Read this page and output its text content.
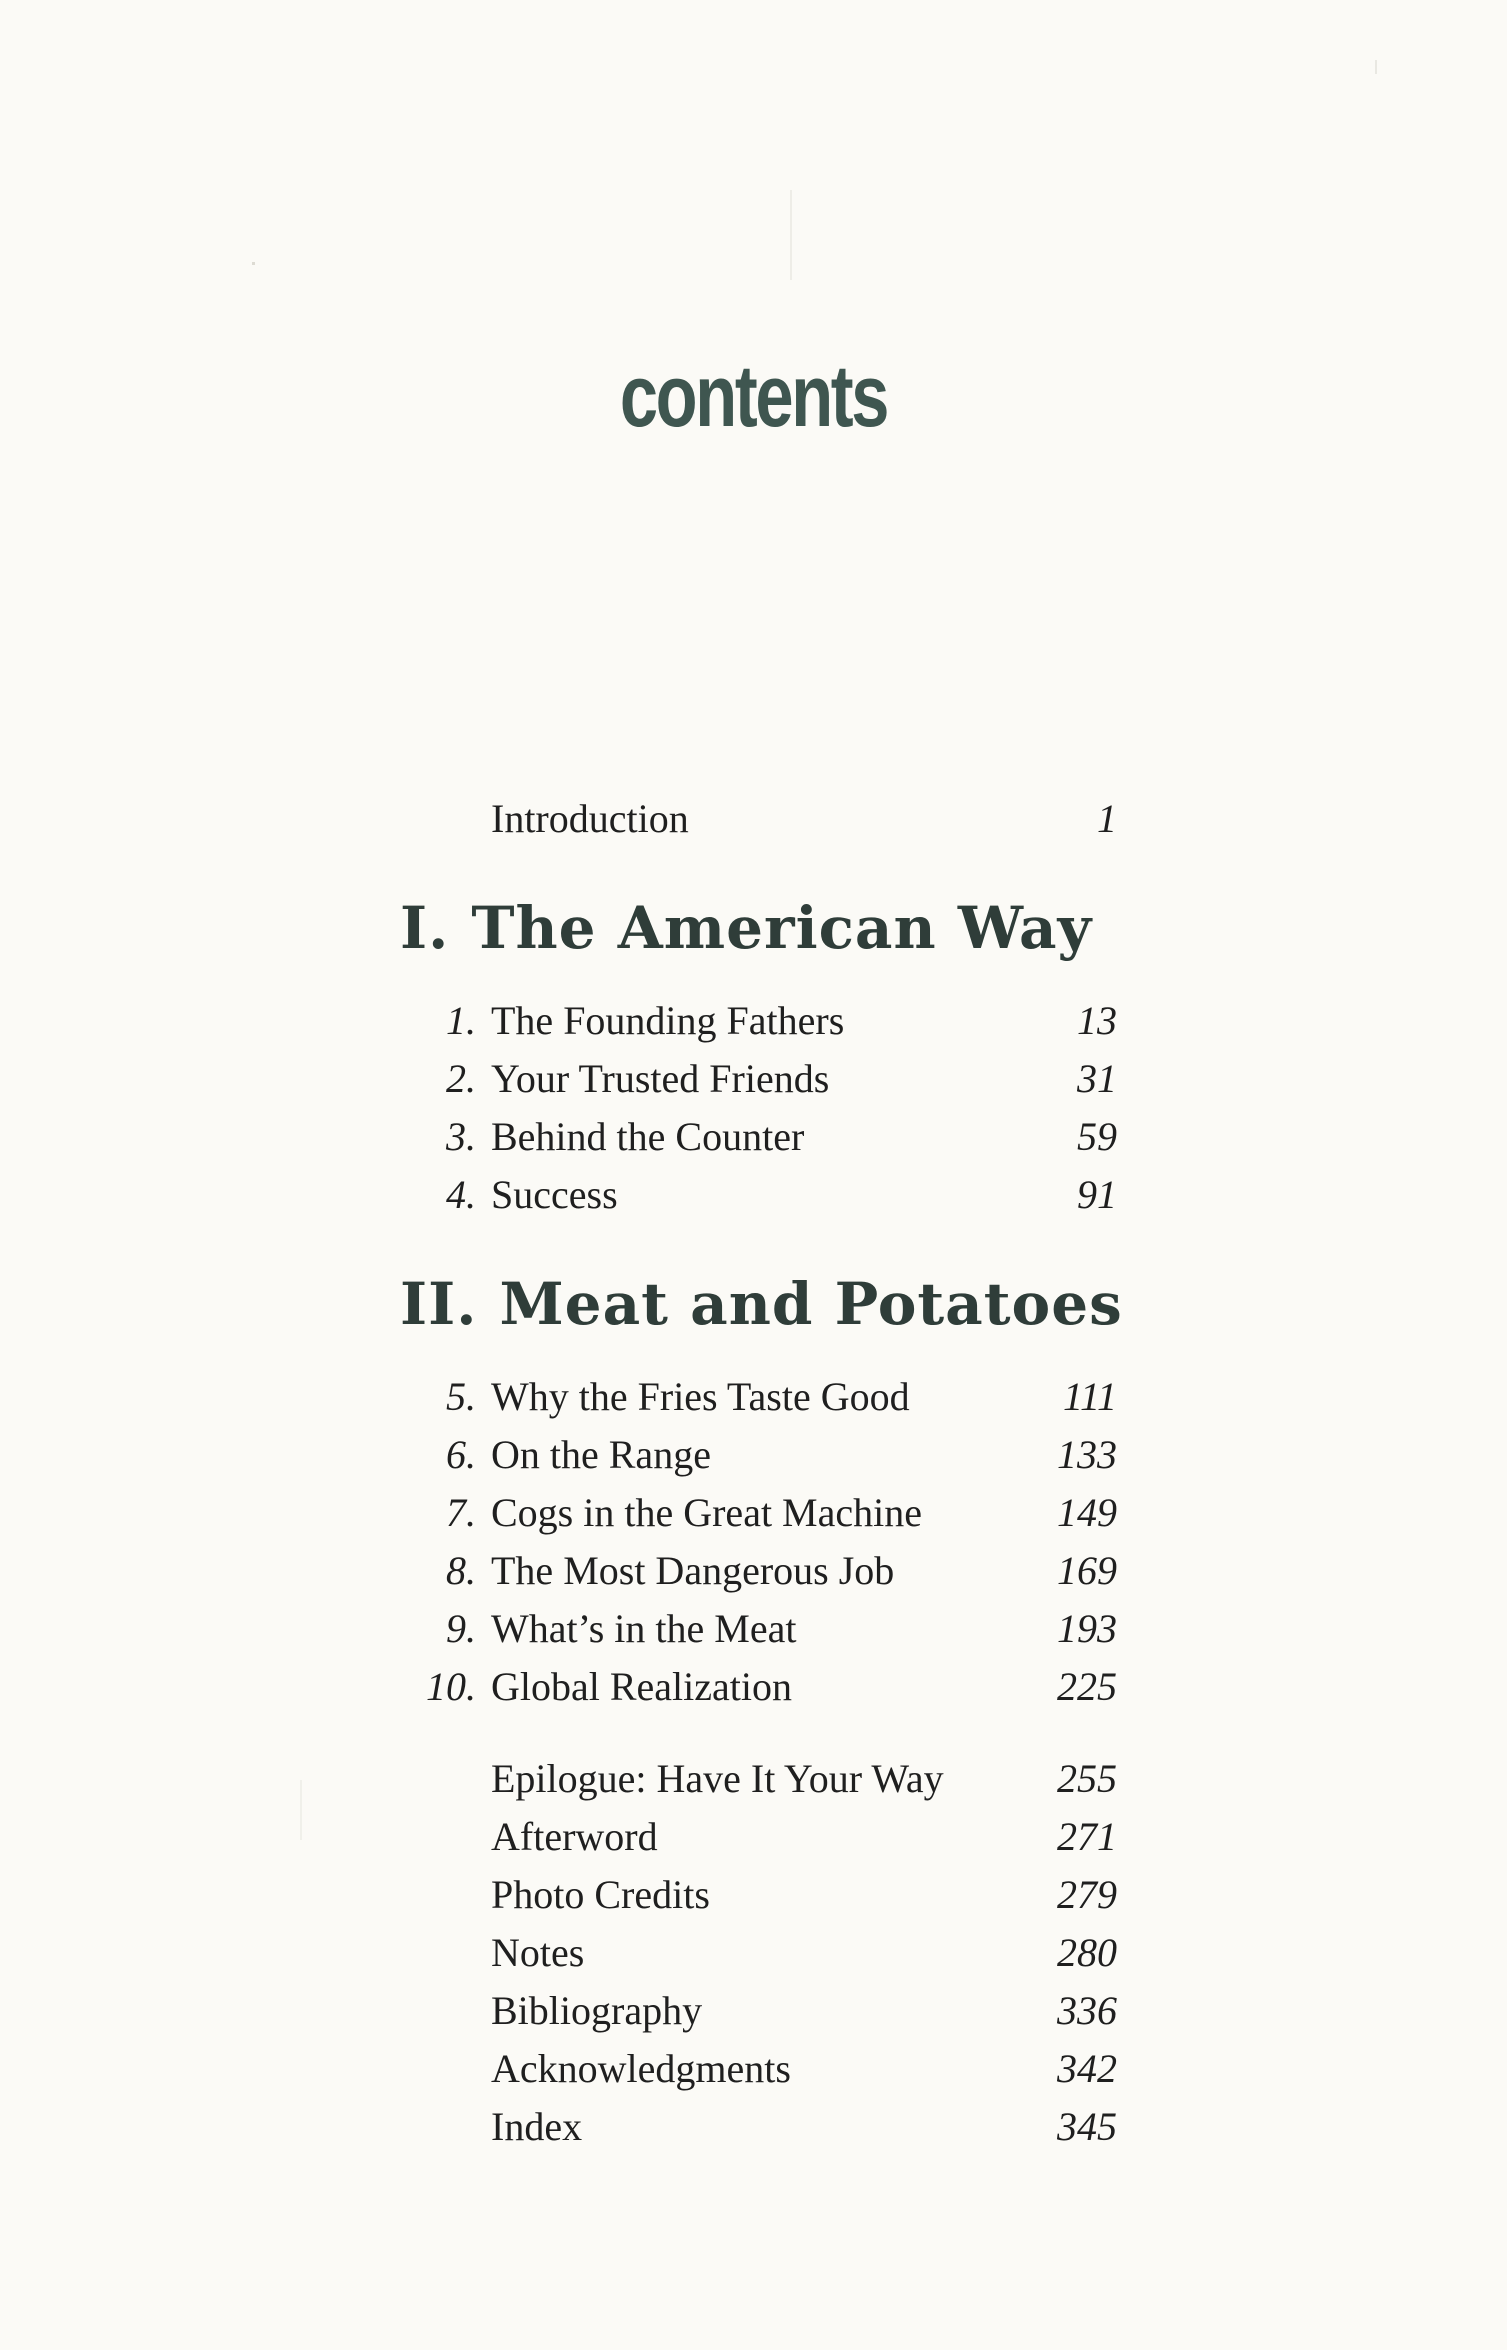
contents
Introduction	1
I. The American Way
1. The Founding Fathers	13
2. Your Trusted Friends	31
3. Behind the Counter	59
4. Success	91
II. Meat and Potatoes
5. Why the Fries Taste Good	111
6. On the Range	133
7. Cogs in the Great Machine	149
8. The Most Dangerous Job	169
9. What’s in the Meat	193
10. Global Realization	225
Epilogue: Have It Your Way	255
Afterword	271
Photo Credits	279
Notes	280
Bibliography	336
Acknowledgments	342
Index	345
